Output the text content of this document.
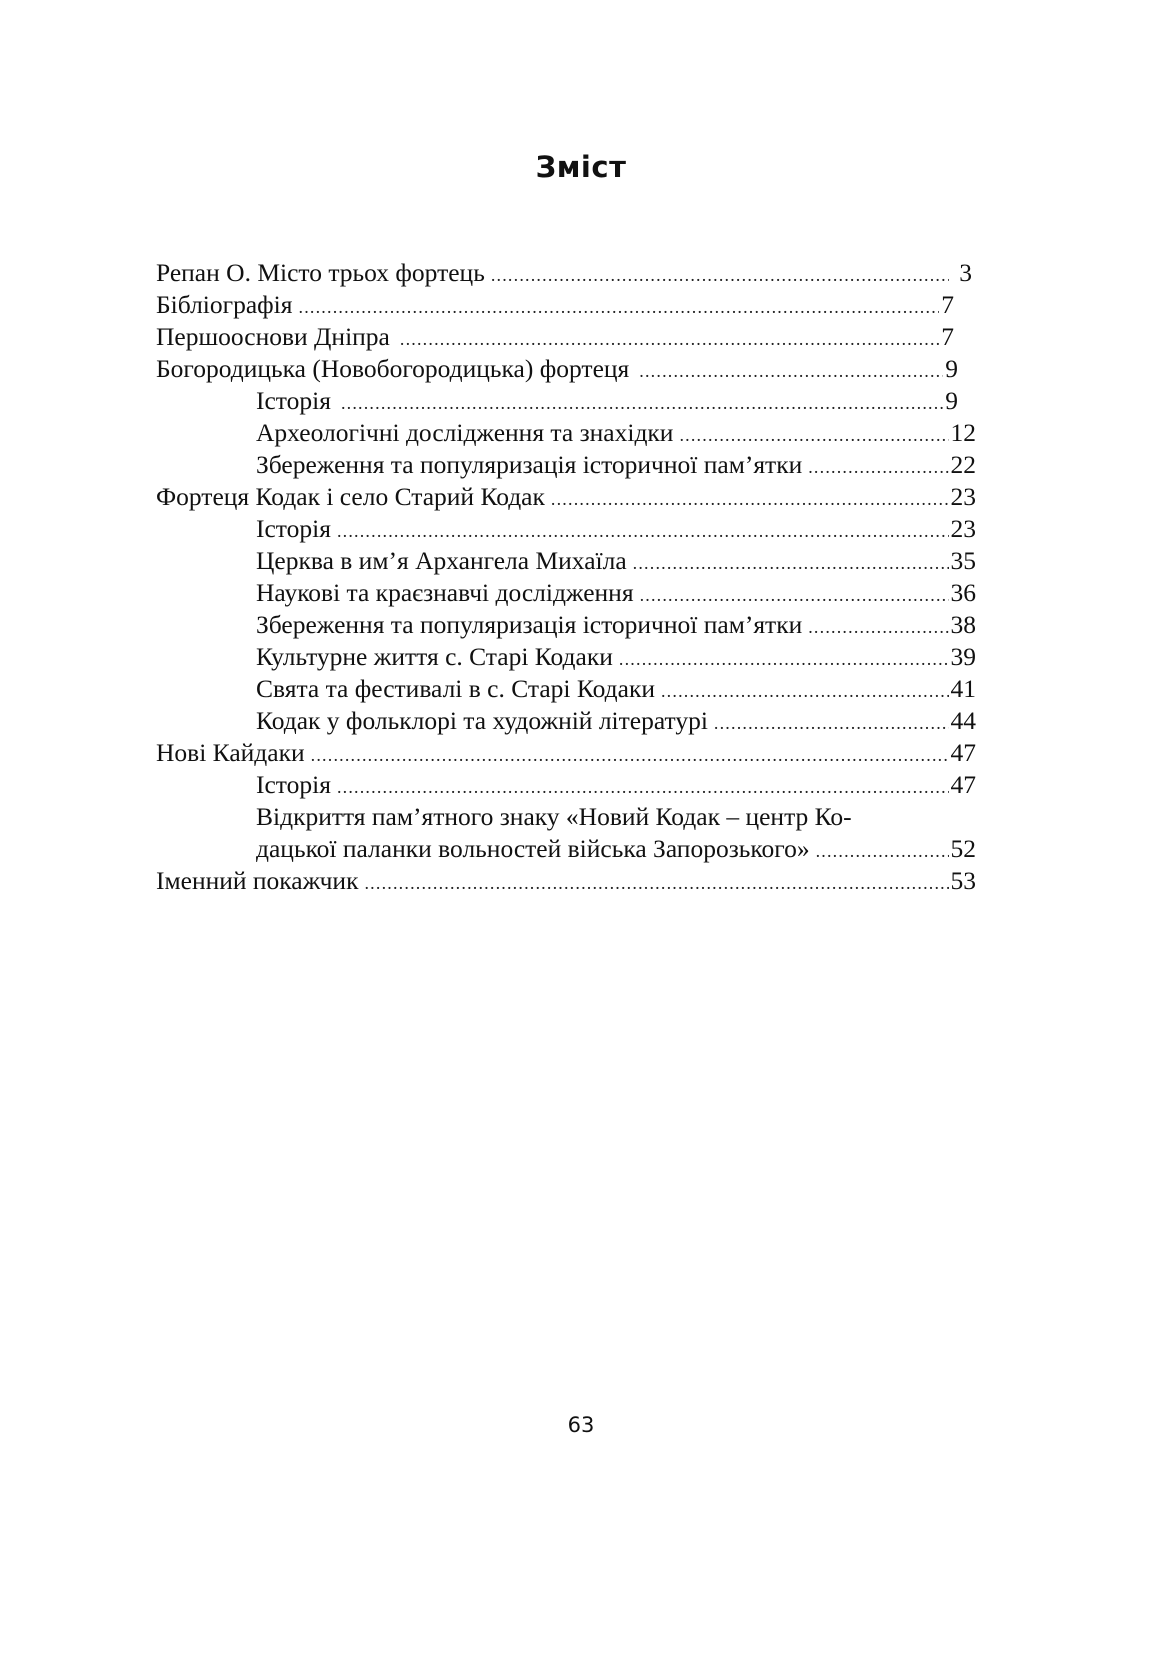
Зміст
Репан О. Місто трьох фортець .....	3
Бібліографія .....	7
Першооснови Дніпра .....	7
Богородицька (Новобогородицька) фортеця .....	9
Історія .....	9
Археологічні дослідження та знахідки .....	12
Збереження та популяризація історичної пам’ятки .....	22
Фортеця Кодак і село Старий Кодак .....	23
Історія .....	23
Церква в им’я Архангела Михаїла .....	35
Наукові та краєзнавчі дослідження .....	36
Збереження та популяризація історичної пам’ятки .....	38
Культурне життя с. Старі Кодаки .....	39
Свята та фестивалі в с. Старі Кодаки .....	41
Кодак у фольклорі та художній літературі .....	44
Нові Кайдаки .....	47
Історія .....	47
Відкриття пам’ятного знаку «Новий Кодак – центр Ко-
дацької паланки вольностей війська Запорозького» .....	52
Іменний покажчик .....	53
63
